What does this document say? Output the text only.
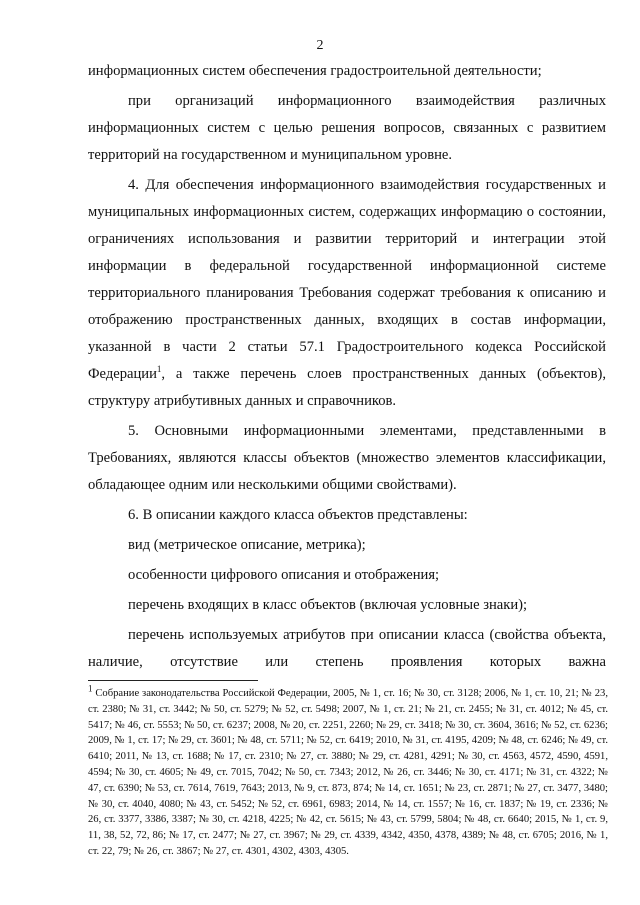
2

информационных систем обеспечения градостроительной деятельности;

при организаций информационного взаимодействия различных информационных систем с целью решения вопросов, связанных с развитием территорий на государственном и муниципальном уровне.

4. Для обеспечения информационного взаимодействия государственных и муниципальных информационных систем, содержащих информацию о состоянии, ограничениях использования и развитии территорий и интеграции этой информации в федеральной государственной информационной системе территориального планирования Требования содержат требования к описанию и отображению пространственных данных, входящих в состав информации, указанной в части 2 статьи 57.1 Градостроительного кодекса Российской Федерации$^1$, а также перечень слоев пространственных данных (объектов), структуру атрибутивных данных и справочников.

5. Основными информационными элементами, представленными в Требованиях, являются классы объектов (множество элементов классификации, обладающее одним или несколькими общими свойствами).

6. В описании каждого класса объектов представлены:

вид (метрическое описание, метрика);

особенности цифрового описания и отображения;

перечень входящих в класс объектов (включая условные знаки);

перечень используемых атрибутов при описании класса (свойства объекта, наличие, отсутствие или степень проявления которых важна

$^1$ Собрание законодательства Российской Федерации, 2005, № 1, ст. 16; № 30, ст. 3128; 2006, № 1, ст. 10, 21; № 23, ст. 2380; № 31, ст. 3442; № 50, ст. 5279; № 52, ст. 5498; 2007, № 1, ст. 21; № 21, ст. 2455; № 31, ст. 4012; № 45, ст. 5417; № 46, ст. 5553; № 50, ст. 6237; 2008, № 20, ст. 2251, 2260; № 29, ст. 3418; № 30, ст. 3604, 3616; № 52, ст. 6236; 2009, № 1, ст. 17; № 29, ст. 3601; № 48, ст. 5711; № 52, ст. 6419; 2010, № 31, ст. 4195, 4209; № 48, ст. 6246; № 49, ст. 6410; 2011, № 13, ст. 1688; № 17, ст. 2310; № 27, ст. 3880; № 29, ст. 4281, 4291; № 30, ст. 4563, 4572, 4590, 4591, 4594; № 30, ст. 4605; № 49, ст. 7015, 7042; № 50, ст. 7343; 2012, № 26, ст. 3446; № 30, ст. 4171; № 31, ст. 4322; № 47, ст. 6390; № 53, ст. 7614, 7619, 7643; 2013, № 9, ст. 873, 874; № 14, ст. 1651; № 23, ст. 2871; № 27, ст. 3477, 3480; № 30, ст. 4040, 4080; № 43, ст. 5452; № 52, ст. 6961, 6983; 2014, № 14, ст. 1557; № 16, ст. 1837; № 19, ст. 2336; № 26, ст. 3377, 3386, 3387; № 30, ст. 4218, 4225; № 42, ст. 5615; № 43, ст. 5799, 5804; № 48, ст. 6640; 2015, № 1, ст. 9, 11, 38, 52, 72, 86; № 17, ст. 2477; № 27, ст. 3967; № 29, ст. 4339, 4342, 4350, 4378, 4389; № 48, ст. 6705; 2016, № 1, ст. 22, 79; № 26, ст. 3867; № 27, ст. 4301, 4302, 4303, 4305.
